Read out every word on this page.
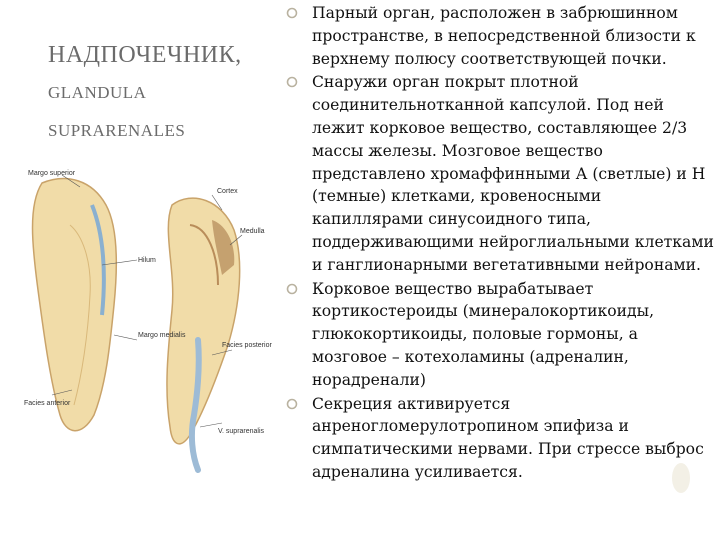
НАДПОЧЕЧНИК,
GLANDULA
SUPRARENALES
Парный орган, расположен в забрюшинном пространстве, в непосредственной близости к верхнему полюсу соответствующей почки.
Снаружи орган покрыт плотной соединительнотканной капсулой. Под ней лежит корковое вещество, составляющее 2/3 массы железы. Мозговое вещество представлено хромаффинными А (светлые) и Н (темные) клетками, кровеносными капиллярами синусоидного типа, поддерживающими нейроглиальными клетками и ганглионарными вегетативными нейронами.
Корковое вещество вырабатывает кортикостероиды (минералокортикоиды, глюкокортикоиды, половые гормоны, а мозговое – котехоламины (адреналин, норадренали)
Секреция активируется анреногломерулотропином эпифиза и симпатическими нервами. При стрессе выброс адреналина усиливается.
Margo superior
Cortex
Medulla
Hilum
Margo medialis
Facies anterior
Facies posterior
V. suprarenalis
